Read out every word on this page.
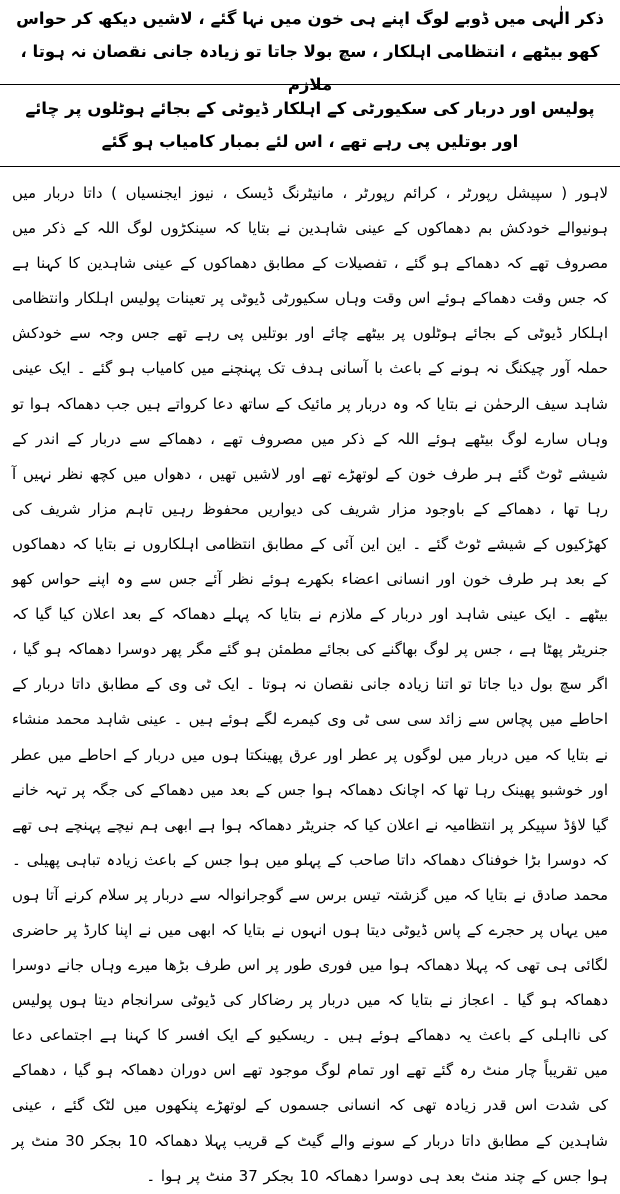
ذکر الٰہی میں ڈوبے لوگ اپنے ہی خون میں نہا گئے ، لاشیں دیکھ کر حواس کھو بیٹھے ، انتظامی اہلکار ، سچ بولا جاتا تو زیادہ جانی نقصان نہ ہوتا ، ملازم
پولیس اور دربار کی سکیورٹی کے اہلکار ڈیوٹی کے بجائے ہوٹلوں پر چائے اور بوتلیں پی رہے تھے ، اس لئے بمبار کامیاب ہو گئے

لاہور ( سپیشل رپورٹر ، کرائم رپورٹر ، مانیٹرنگ ڈیسک ، نیوز ایجنسیاں ) داتا دربار میں ہونیوالے خودکش بم دھماکوں کے عینی شاہدین نے بتایا کہ سینکڑوں لوگ اللہ کے ذکر میں مصروف تھے کہ دھماکے ہو گئے ، تفصیلات کے مطابق دھماکوں کے عینی شاہدین کا کہنا ہے کہ جس وقت دھماکے ہوئے اس وقت وہاں سکیورٹی ڈیوٹی پر تعینات پولیس اہلکار وانتظامی اہلکار ڈیوٹی کے بجائے ہوٹلوں پر بیٹھے چائے اور بوتلیں پی رہے تھے جس وجہ سے خودکش حملہ آور چیکنگ نہ ہونے کے باعث با آسانی ہدف تک پہنچنے میں کامیاب ہو گئے ۔ ایک عینی شاہد سیف الرحمٰن نے بتایا کہ وہ دربار پر مائیک کے ساتھ دعا کرواتے ہیں جب دھماکہ ہوا تو وہاں سارے لوگ بیٹھے ہوئے اللہ کے ذکر میں مصروف تھے ، دھماکے سے دربار کے اندر کے شیشے ٹوٹ گئے ہر طرف خون کے لوتھڑے تھے اور لاشیں تھیں ، دھواں میں کچھ نظر نہیں آ رہا تھا ، دھماکے کے باوجود مزار شریف کی دیواریں محفوظ رہیں تاہم مزار شریف کی کھڑکیوں کے شیشے ٹوٹ گئے ۔ این این آئی کے مطابق انتظامی اہلکاروں نے بتایا کہ دھماکوں کے بعد ہر طرف خون اور انسانی اعضاء بکھرے ہوئے نظر آئے جس سے وہ اپنے حواس کھو بیٹھے ۔ ایک عینی شاہد اور دربار کے ملازم نے بتایا کہ پہلے دھماکہ کے بعد اعلان کیا گیا کہ جنریٹر پھٹا ہے ، جس پر لوگ بھاگنے کی بجائے مطمئن ہو گئے مگر پھر دوسرا دھماکہ ہو گیا ، اگر سچ بول دیا جاتا تو اتنا زیادہ جانی نقصان نہ ہوتا ۔ ایک ٹی وی کے مطابق داتا دربار کے احاطے میں پچاس سے زائد سی سی ٹی وی کیمرے لگے ہوئے ہیں ۔ عینی شاہد محمد منشاء نے بتایا کہ میں دربار میں لوگوں پر عطر اور عرق پھینکتا ہوں میں دربار کے احاطے میں عطر اور خوشبو پھینک رہا تھا کہ اچانک دھماکہ ہوا جس کے بعد میں دھماکے کی جگہ پر تہہ خانے گیا لاؤڈ سپیکر پر انتظامیہ نے اعلان کیا کہ جنریٹر دھماکہ ہوا ہے ابھی ہم نیچے پہنچے ہی تھے کہ دوسرا بڑا خوفناک دھماکہ داتا صاحب کے پہلو میں ہوا جس کے باعث زیادہ تباہی پھیلی ۔ محمد صادق نے بتایا کہ میں گزشتہ تیس برس سے گوجرانوالہ سے دربار پر سلام کرنے آتا ہوں میں یہاں پر حجرے کے پاس ڈیوٹی دیتا ہوں انہوں نے بتایا کہ ابھی میں نے اپنا کارڈ پر حاضری لگائی ہی تھی کہ پہلا دھماکہ ہوا میں فوری طور پر اس طرف بڑھا میرے وہاں جانے دوسرا دھماکہ ہو گیا ۔ اعجاز نے بتایا کہ میں دربار پر رضاکار کی ڈیوٹی سرانجام دیتا ہوں پولیس کی نااہلی کے باعث یہ دھماکے ہوئے ہیں ۔ ریسکیو کے ایک افسر کا کہنا ہے اجتماعی دعا میں تقریباً چار منٹ رہ گئے تھے اور تمام لوگ موجود تھے اس دوران دھماکہ ہو گیا ، دھماکے کی شدت اس قدر زیادہ تھی کہ انسانی جسموں کے لوتھڑے پنکھوں میں لٹک گئے ، عینی شاہدین کے مطابق داتا دربار کے سونے والے گیٹ کے قریب پہلا دھماکہ 10 بجکر 30 منٹ پر ہوا جس کے چند منٹ بعد ہی دوسرا دھماکہ 10 بجکر 37 منٹ پر ہوا ۔
